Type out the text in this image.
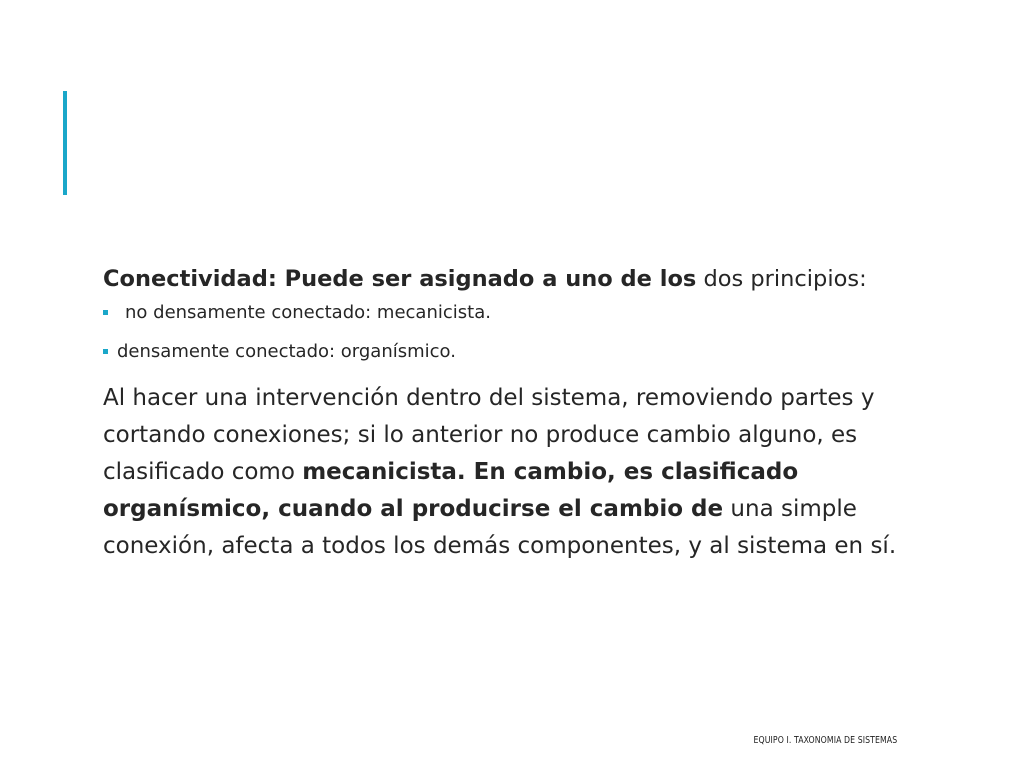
Conectividad: Puede ser asignado a uno de los dos principios:

no densamente conectado: mecanicista.
densamente conectado: organísmico.

Al hacer una intervención dentro del sistema, removiendo partes y cortando conexiones; si lo anterior no produce cambio alguno, es clasificado como mecanicista. En cambio, es clasificado organísmico, cuando al producirse el cambio de una simple conexión, afecta a todos los demás componentes, y al sistema en sí.

EQUIPO I. TAXONOMIA DE SISTEMAS
